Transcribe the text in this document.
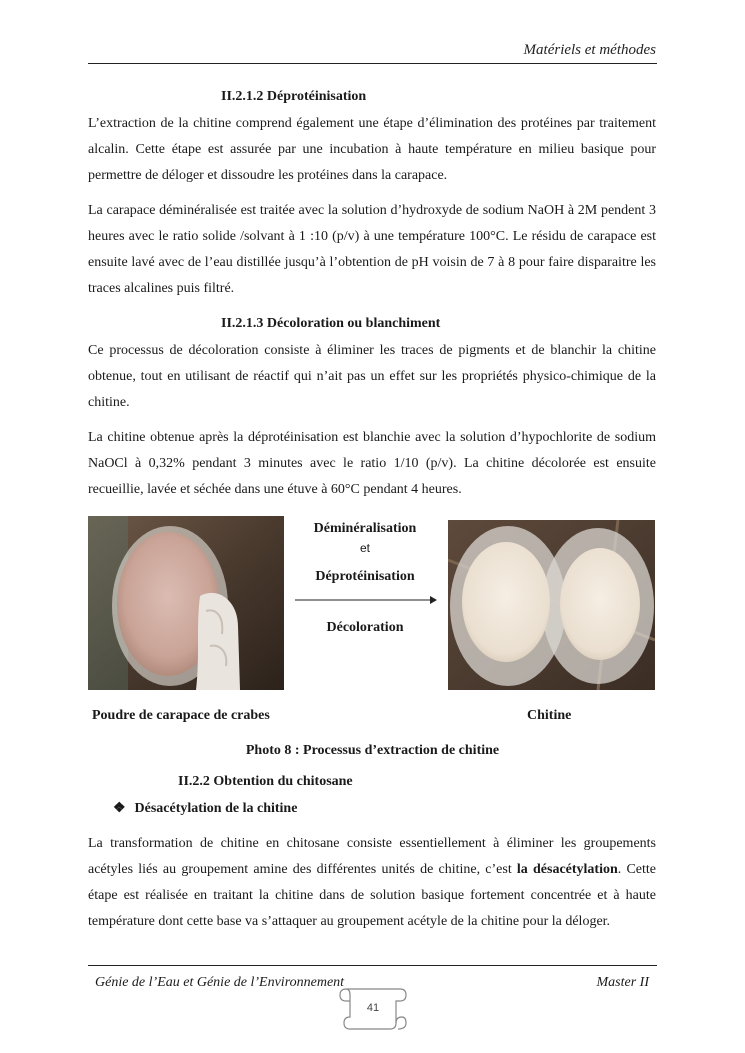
Matériels et méthodes
II.2.1.2 Déprotéinisation

L’extraction de la chitine comprend également une étape d’élimination des protéines par traitement alcalin. Cette étape est assurée par une incubation à haute température en milieu basique pour permettre de déloger et dissoudre les protéines dans la carapace.

La carapace déminéralisée est traitée avec la solution d’hydroxyde de sodium NaOH à 2M pendent 3 heures avec le ratio solide /solvant à 1 :10 (p/v) à une température 100°C. Le résidu de carapace est ensuite lavé avec de l’eau distillée jusqu’à l’obtention de pH voisin de 7 à 8 pour faire disparaitre les traces alcalines puis filtré.

II.2.1.3 Décoloration ou blanchiment

Ce processus de décoloration consiste à éliminer les traces de pigments et de blanchir la chitine obtenue, tout en utilisant de réactif qui n’ait pas un effet sur les propriétés physico-chimique de la chitine.

La chitine obtenue après la déprotéinisation est blanchie avec la solution d’hypochlorite de sodium NaOCl à 0,32% pendant 3 minutes avec le ratio 1/10 (p/v). La chitine décolorée est ensuite recueillie, lavée et séchée dans une étuve à 60°C pendant 4 heures.

Déminéralisation
et
Déprotéinisation
Décoloration
Poudre de carapace de crabes	Chitine
Photo 8 : Processus d’extraction de chitine
II.2.2 Obtention du chitosane
❖ Désacétylation de la chitine

La transformation de chitine en chitosane consiste essentiellement à éliminer les groupements acétyles liés au groupement amine des différentes unités de chitine, c’est la désacétylation. Cette étape est réalisée en traitant la chitine dans de solution basique fortement concentrée et à haute température dont cette base va s’attaquer au groupement acétyle de la chitine pour la déloger.

Génie de l’Eau et Génie de l’Environnement	Master II
41
